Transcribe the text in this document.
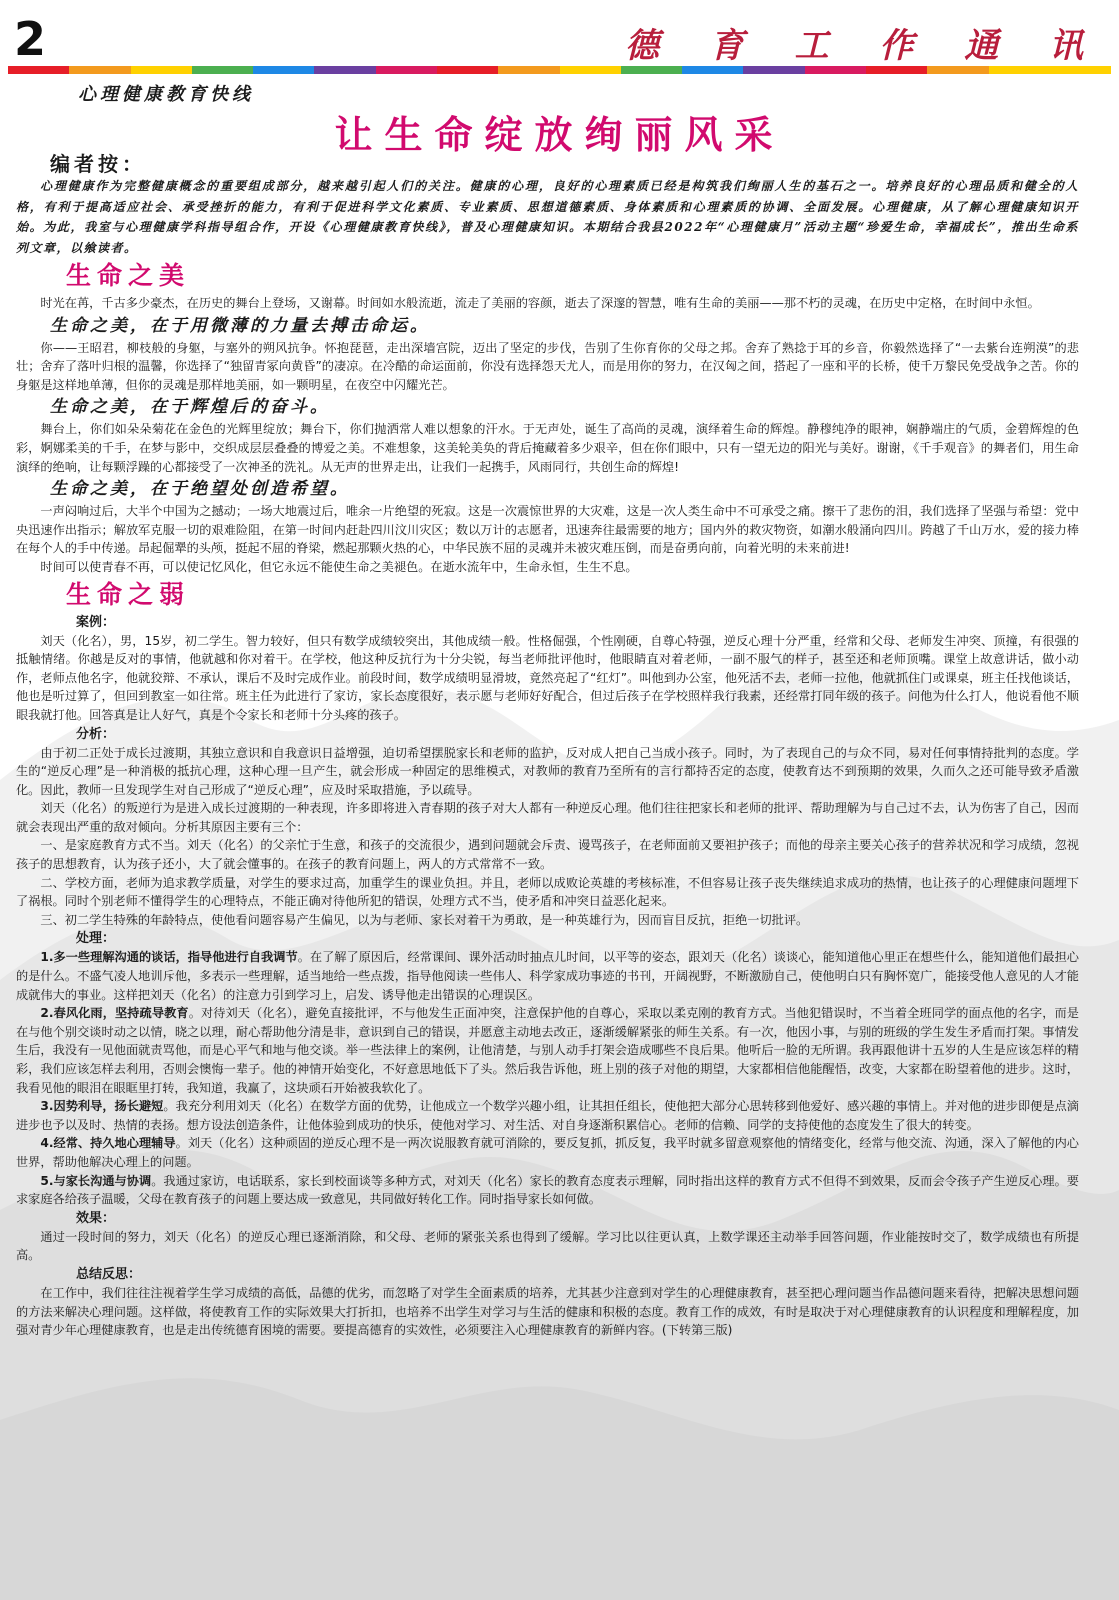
2	德 育 工 作 通 讯
心理健康教育快线
让生命绽放绚丽风采
编者按：

心理健康作为完整健康概念的重要组成部分，越来越引起人们的关注。健康的心理，良好的心理素质已经是构筑我们绚丽人生的基石之一。培养良好的心理品质和健全的人格，有利于提高适应社会、承受挫折的能力，有利于促进科学文化素质、专业素质、思想道德素质、身体素质和心理素质的协调、全面发展。心理健康，从了解心理健康知识开始。为此，我室与心理健康学科指导组合作，开设《心理健康教育快线》，普及心理健康知识。本期结合我县2022年“心理健康月”活动主题“珍爱生命，幸福成长”，推出生命系列文章，以飨读者。

生命之美

时光在苒，千古多少豪杰，在历史的舞台上登场，又谢幕。时间如水般流逝，流走了美丽的容颜，逝去了深邃的智慧，唯有生命的美丽——那不朽的灵魂，在历史中定格，在时间中永恒。

生命之美，在于用微薄的力量去搏击命运。

你——王昭君，柳枝般的身躯，与塞外的朔风抗争。怀抱琵琶，走出深墙宫院，迈出了坚定的步伐，告别了生你育你的父母之邦。舍弃了熟捻于耳的乡音，你毅然选择了“一去紫台连朔漠”的悲壮；舍弃了落叶归根的温馨，你选择了“独留青冢向黄昏”的凄凉。在冷酷的命运面前，你没有选择怨天尤人，而是用你的努力，在汉匈之间，搭起了一座和平的长桥，使千万黎民免受战争之苦。你的身躯是这样地单薄，但你的灵魂是那样地美丽，如一颗明星，在夜空中闪耀光芒。

生命之美，在于辉煌后的奋斗。

舞台上，你们如朵朵菊花在金色的光辉里绽放；舞台下，你们抛洒常人难以想象的汗水。于无声处，诞生了高尚的灵魂，演绎着生命的辉煌。静穆纯净的眼神，娴静端庄的气质，金碧辉煌的色彩，婀娜柔美的千手，在梦与影中，交织成层层叠叠的博爱之美。不难想象，这美轮美奂的背后掩藏着多少艰辛，但在你们眼中，只有一望无边的阳光与美好。谢谢，《千手观音》的舞者们，用生命演绎的绝响，让每颗浮躁的心都接受了一次神圣的洗礼。从无声的世界走出，让我们一起携手，风雨同行，共创生命的辉煌!

生命之美，在于绝望处创造希望。

一声闷响过后，大半个中国为之撼动；一场大地震过后，唯余一片绝望的死寂。这是一次震惊世界的大灾难，这是一次人类生命中不可承受之痛。擦干了悲伤的泪，我们选择了坚强与希望：党中央迅速作出指示；解放军克服一切的艰难险阻，在第一时间内赶赴四川汶川灾区；数以万计的志愿者，迅速奔往最需要的地方；国内外的救灾物资，如潮水般涌向四川。跨越了千山万水，爱的接力棒在每个人的手中传递。昂起倔犟的头颅，挺起不屈的脊梁，燃起那颗火热的心，中华民族不屈的灵魂并未被灾难压倒，而是奋勇向前，向着光明的未来前进!

时间可以使青春不再，可以使记忆风化，但它永远不能使生命之美褪色。在逝水流年中，生命永恒，生生不息。

生命之弱

案例：

刘天（化名），男，15岁，初二学生。智力较好，但只有数学成绩较突出，其他成绩一般。性格倔强，个性刚硬，自尊心特强，逆反心理十分严重，经常和父母、老师发生冲突、顶撞，有很强的抵触情绪。你越是反对的事情，他就越和你对着干。在学校，他这种反抗行为十分尖锐，每当老师批评他时，他眼睛直对着老师，一副不服气的样子，甚至还和老师顶嘴。课堂上故意讲话，做小动作，老师点他名字，他就狡辩、不承认，课后不及时完成作业。前段时间，数学成绩明显滑坡，竟然亮起了“红灯”。叫他到办公室，他死活不去，老师一拉他，他就抓住门或课桌，班主任找他谈话，他也是听过算了，但回到教室一如往常。班主任为此进行了家访，家长态度很好，表示愿与老师好好配合，但过后孩子在学校照样我行我素，还经常打同年级的孩子。问他为什么打人，他说看他不顺眼我就打他。回答真是让人好气，真是个令家长和老师十分头疼的孩子。

分析：

由于初二正处于成长过渡期，其独立意识和自我意识日益增强，迫切希望摆脱家长和老师的监护，反对成人把自己当成小孩子。同时，为了表现自己的与众不同，易对任何事情持批判的态度。学生的“逆反心理”是一种消极的抵抗心理，这种心理一旦产生，就会形成一种固定的思维模式，对教师的教育乃至所有的言行都持否定的态度，使教育达不到预期的效果，久而久之还可能导致矛盾激化。因此，教师一旦发现学生对自己形成了“逆反心理”，应及时采取措施，予以疏导。

刘天（化名）的叛逆行为是进入成长过渡期的一种表现，许多即将进入青春期的孩子对大人都有一种逆反心理。他们往往把家长和老师的批评、帮助理解为与自己过不去，认为伤害了自己，因而就会表现出严重的敌对倾向。分析其原因主要有三个：

一、是家庭教育方式不当。刘天（化名）的父亲忙于生意，和孩子的交流很少，遇到问题就会斥责、谩骂孩子，在老师面前又要袒护孩子；而他的母亲主要关心孩子的营养状况和学习成绩，忽视孩子的思想教育，认为孩子还小，大了就会懂事的。在孩子的教育问题上，两人的方式常常不一致。

二、学校方面，老师为追求教学质量，对学生的要求过高，加重学生的课业负担。并且，老师以成败论英雄的考核标准，不但容易让孩子丧失继续追求成功的热情，也让孩子的心理健康问题埋下了祸根。同时个别老师不懂得学生的心理特点，不能正确对待他所犯的错误，处理方式不当，使矛盾和冲突日益恶化起来。

三、初二学生特殊的年龄特点，使他看问题容易产生偏见，以为与老师、家长对着干为勇敢，是一种英雄行为，因而盲目反抗，拒绝一切批评。

处理：

1.多一些理解沟通的谈话，指导他进行自我调节。在了解了原因后，经常课间、课外活动时抽点儿时间，以平等的姿态，跟刘天（化名）谈谈心，能知道他心里正在想些什么，能知道他们最担心的是什么。不盛气凌人地训斥他，多表示一些理解，适当地给一些点拨，指导他阅读一些伟人、科学家成功事迹的书刊，开阔视野，不断激励自己，使他明白只有胸怀宽广，能接受他人意见的人才能成就伟大的事业。这样把刘天（化名）的注意力引到学习上，启发、诱导他走出错误的心理误区。

2.春风化雨，坚持疏导教育。对待刘天（化名），避免直接批评，不与他发生正面冲突，注意保护他的自尊心，采取以柔克刚的教育方式。当他犯错误时，不当着全班同学的面点他的名字，而是在与他个别交谈时动之以情，晓之以理，耐心帮助他分清是非，意识到自己的错误，并愿意主动地去改正，逐渐缓解紧张的师生关系。有一次，他因小事，与别的班级的学生发生矛盾而打架。事情发生后，我没有一见他面就责骂他，而是心平气和地与他交谈。举一些法律上的案例，让他清楚，与别人动手打架会造成哪些不良后果。他听后一脸的无所谓。我再跟他讲十五岁的人生是应该怎样的精彩，我们应该怎样去利用，否则会懊悔一辈子。他的神情开始变化，不好意思地低下了头。然后我告诉他，班上别的孩子对他的期望，大家都相信他能醒悟，改变，大家都在盼望着他的进步。这时，我看见他的眼泪在眼眶里打转，我知道，我赢了，这块顽石开始被我软化了。

3.因势利导，扬长避短。我充分利用刘天（化名）在数学方面的优势，让他成立一个数学兴趣小组，让其担任组长，使他把大部分心思转移到他爱好、感兴趣的事情上。并对他的进步即便是点滴进步也予以及时、热情的表扬。想方设法创造条件，让他体验到成功的快乐，使他对学习、对生活、对自身逐渐积累信心。老师的信赖、同学的支持使他的态度发生了很大的转变。

4.经常、持久地心理辅导。刘天（化名）这种顽固的逆反心理不是一两次说服教育就可消除的，要反复抓，抓反复，我平时就多留意观察他的情绪变化，经常与他交流、沟通，深入了解他的内心世界，帮助他解决心理上的问题。

5.与家长沟通与协调。我通过家访，电话联系，家长到校面谈等多种方式，对刘天（化名）家长的教育态度表示理解，同时指出这样的教育方式不但得不到效果，反而会令孩子产生逆反心理。要求家庭各给孩子温暖，父母在教育孩子的问题上要达成一致意见，共同做好转化工作。同时指导家长如何做。

效果：

通过一段时间的努力，刘天（化名）的逆反心理已逐渐消除，和父母、老师的紧张关系也得到了缓解。学习比以往更认真，上数学课还主动举手回答问题，作业能按时交了，数学成绩也有所提高。

总结反思：

在工作中，我们往往注视着学生学习成绩的高低，品德的优劣，而忽略了对学生全面素质的培养，尤其甚少注意到对学生的心理健康教育，甚至把心理问题当作品德问题来看待，把解决思想问题的方法来解决心理问题。这样做，将使教育工作的实际效果大打折扣，也培养不出学生对学习与生活的健康和积极的态度。教育工作的成效，有时是取决于对心理健康教育的认识程度和理解程度，加强对青少年心理健康教育，也是走出传统德育困境的需要。要提高德育的实效性，必须要注入心理健康教育的新鲜内容。(下转第三版)
